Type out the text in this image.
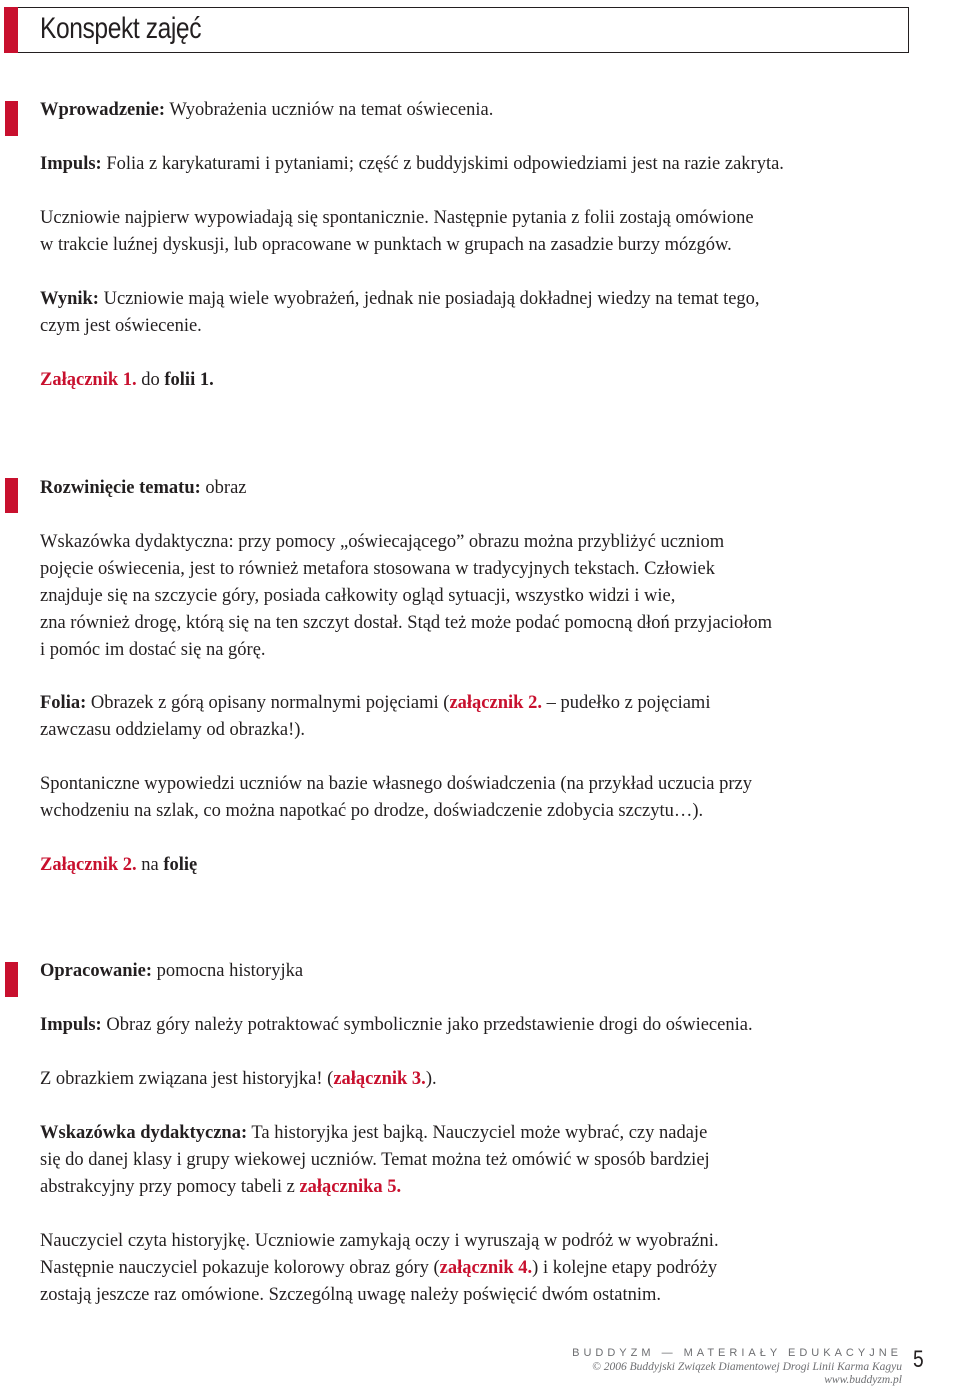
Konspekt zajęć
Wprowadzenie: Wyobrażenia uczniów na temat oświecenia.
Impuls: Folia z karykaturami i pytaniami; część z buddyjskimi odpowiedziami jest na razie zakryta.
Uczniowie najpierw wypowiadają się spontanicznie. Następnie pytania z folii zostają omówione
w trakcie luźnej dyskusji, lub opracowane w punktach w grupach na zasadzie burzy mózgów.
Wynik: Uczniowie mają wiele wyobrażeń, jednak nie posiadają dokładnej wiedzy na temat tego,
czym jest oświecenie.
Załącznik 1. do folii 1.
Rozwinięcie tematu: obraz
Wskazówka dydaktyczna: przy pomocy „oświecającego” obrazu można przybliżyć uczniom
pojęcie oświecenia, jest to również metafora stosowana w tradycyjnych tekstach. Człowiek
znajduje się na szczycie góry, posiada całkowity ogląd sytuacji, wszystko widzi i wie,
zna również drogę, którą się na ten szczyt dostał. Stąd też może podać pomocną dłoń przyjaciołom
i pomóc im dostać się na górę.
Folia: Obrazek z górą opisany normalnymi pojęciami (załącznik 2. – pudełko z pojęciami
zawczasu oddzielamy od obrazka!).
Spontaniczne wypowiedzi uczniów na bazie własnego doświadczenia (na przykład uczucia przy
wchodzeniu na szlak, co można napotkać po drodze, doświadczenie zdobycia szczytu…).
Załącznik 2. na folię
Opracowanie: pomocna historyjka
Impuls: Obraz góry należy potraktować symbolicznie jako przedstawienie drogi do oświecenia.
Z obrazkiem związana jest historyjka! (załącznik 3.).
Wskazówka dydaktyczna: Ta historyjka jest bajką. Nauczyciel może wybrać, czy nadaje
się do danej klasy i grupy wiekowej uczniów. Temat można też omówić w sposób bardziej
abstrakcyjny przy pomocy tabeli z załącznika 5.
Nauczyciel czyta historyjkę. Uczniowie zamykają oczy i wyruszają w podróż w wyobraźni.
Następnie nauczyciel pokazuje kolorowy obraz góry (załącznik 4.) i kolejne etapy podróży
zostają jeszcze raz omówione. Szczególną uwagę należy poświęcić dwóm ostatnim.
BUDDYZM — MATERIAŁY EDUKACYJNE
© 2006 Buddyjski Związek Diamentowej Drogi Linii Karma Kagyu
www.buddyzm.pl
5
